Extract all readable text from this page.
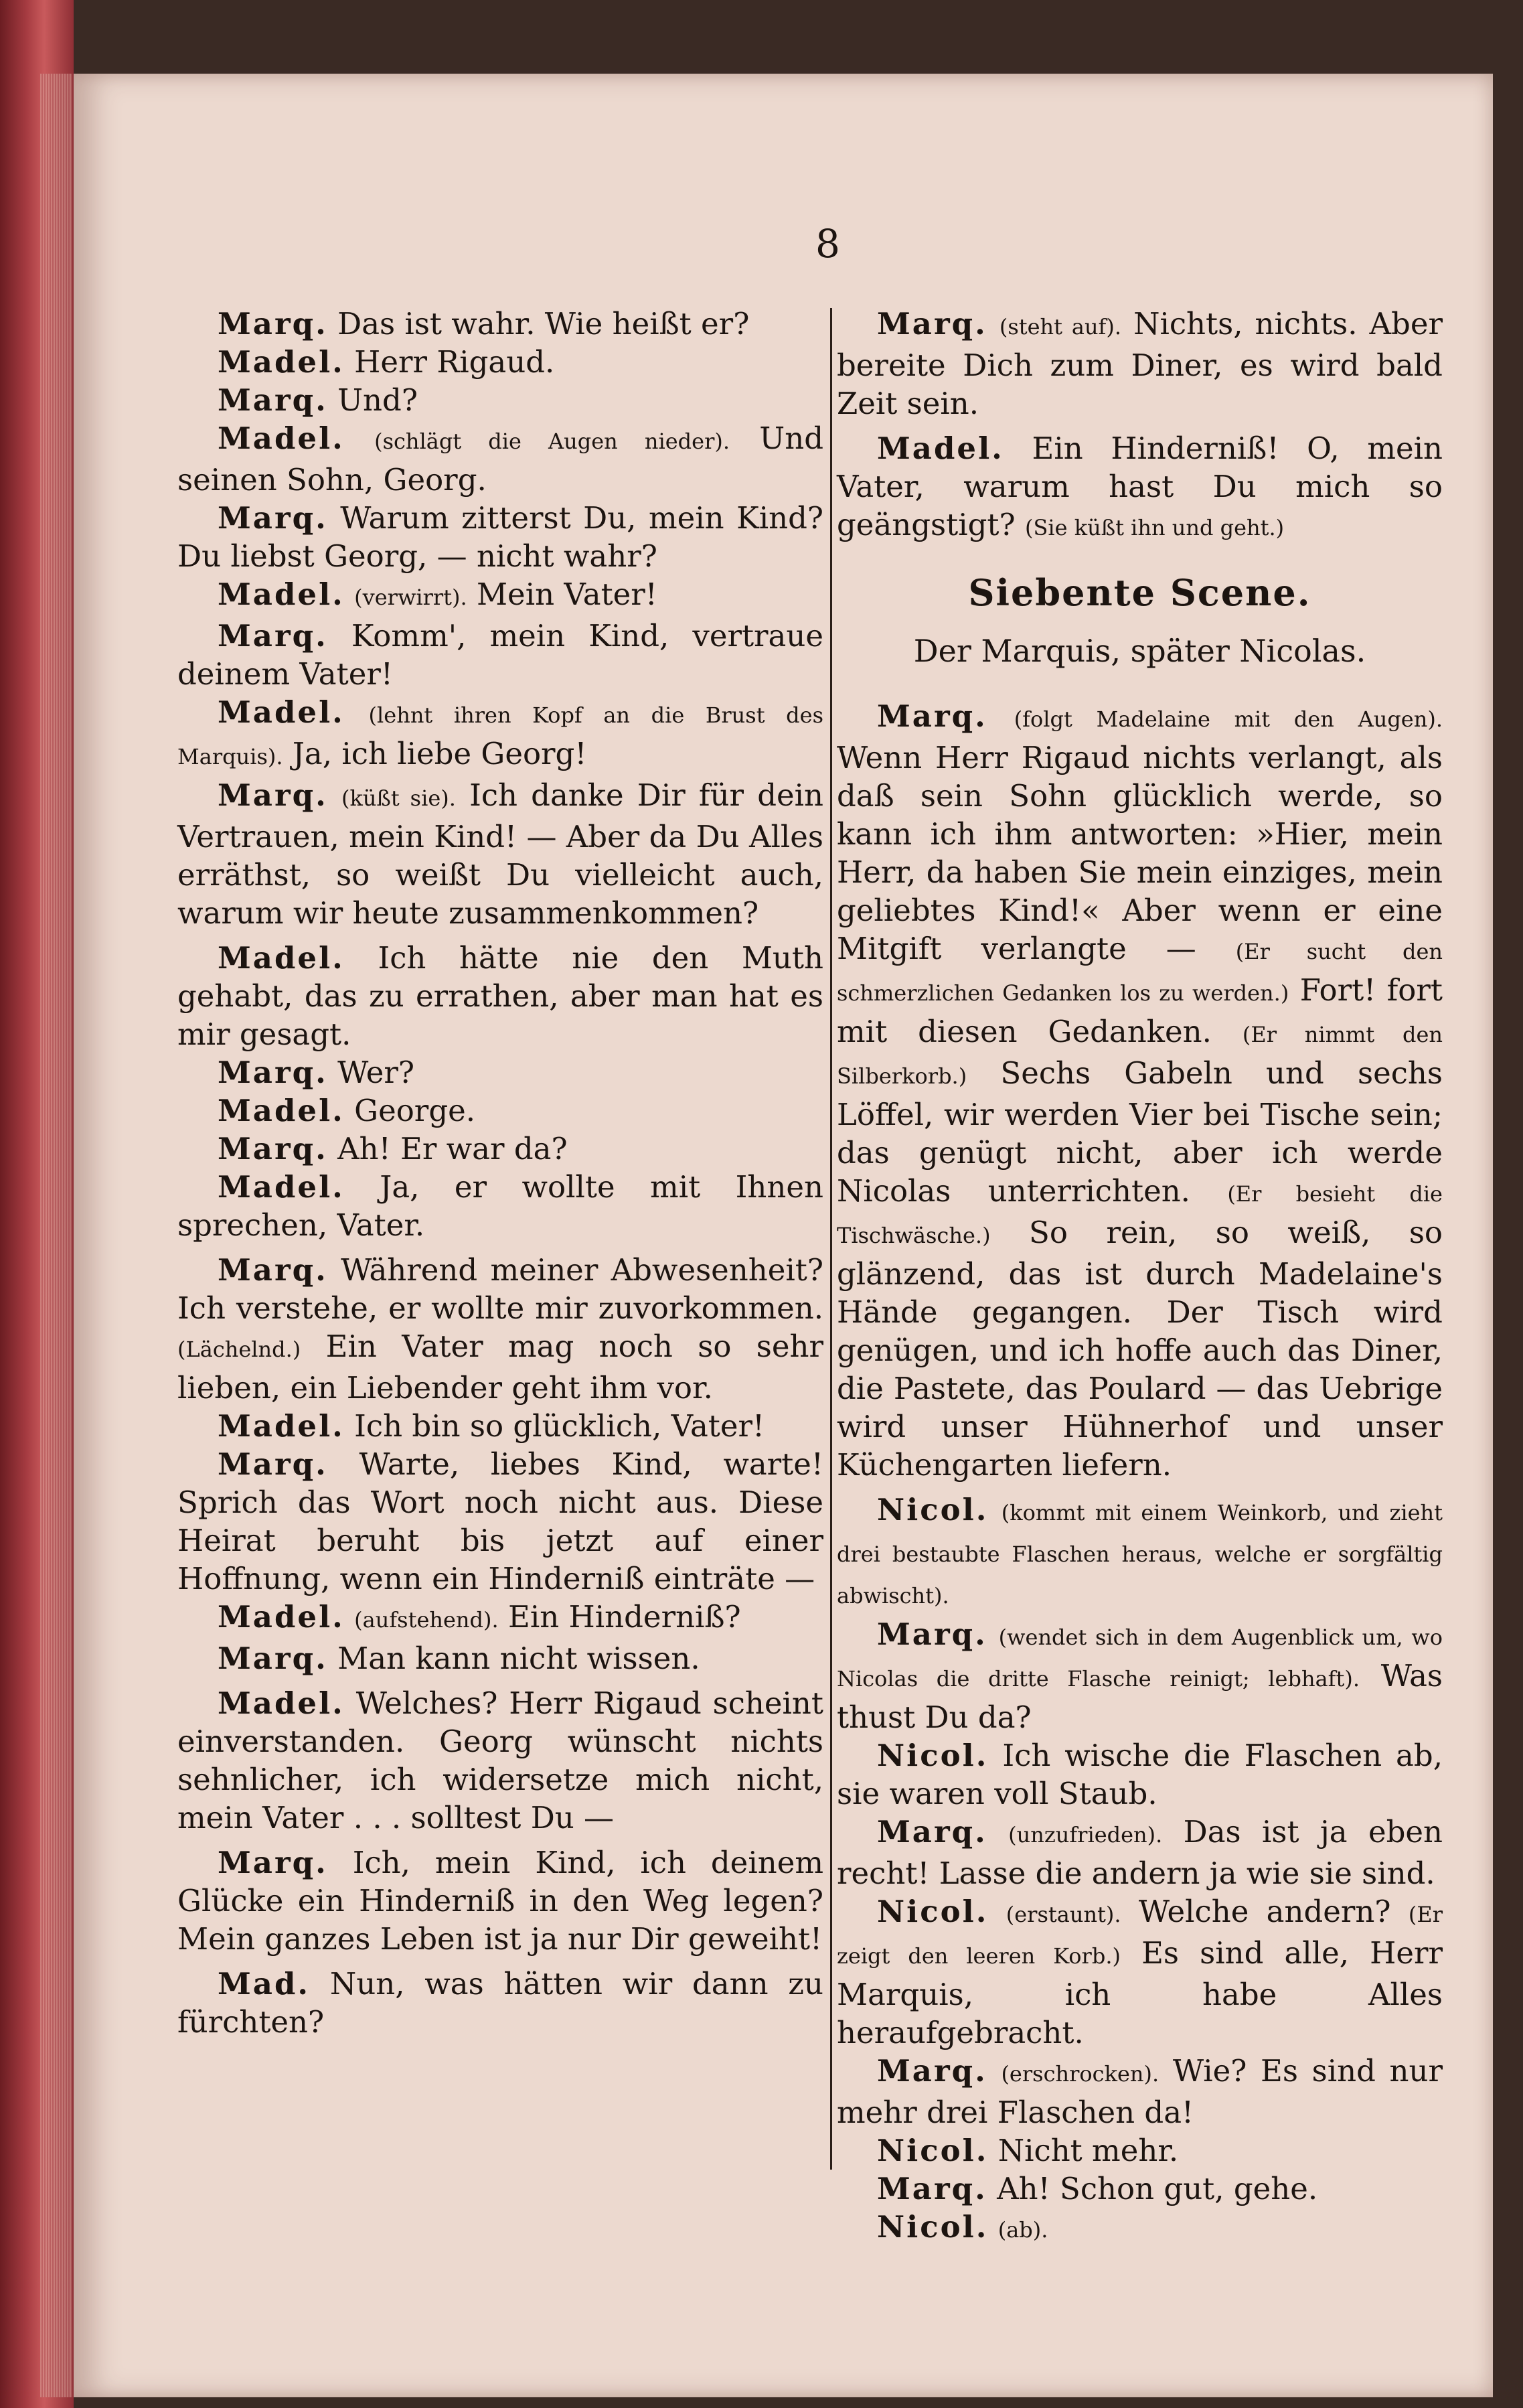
8

Marq. Das ist wahr. Wie heißt er?

Madel. Herr Rigaud.

Marq. Und?

Madel. (schlägt die Augen nieder). Und seinen Sohn, Georg.

Marq. Warum zitterst Du, mein Kind? Du liebst Georg, — nicht wahr?

Madel. (verwirrt). Mein Vater!

Marq. Komm', mein Kind, vertraue deinem Vater!

Madel. (lehnt ihren Kopf an die Brust des Marquis). Ja, ich liebe Georg!

Marq. (küßt sie). Ich danke Dir für dein Vertrauen, mein Kind! — Aber da Du Alles erräthst, so weißt Du vielleicht auch, warum wir heute zusammenkommen?

Madel. Ich hätte nie den Muth gehabt, das zu errathen, aber man hat es mir gesagt.

Marq. Wer?

Madel. George.

Marq. Ah! Er war da?

Madel. Ja, er wollte mit Ihnen sprechen, Vater.

Marq. Während meiner Abwesenheit? Ich verstehe, er wollte mir zuvorkommen. (Lächelnd.) Ein Vater mag noch so sehr lieben, ein Liebender geht ihm vor.

Madel. Ich bin so glücklich, Vater!

Marq. Warte, liebes Kind, warte! Sprich das Wort noch nicht aus. Diese Heirat beruht bis jetzt auf einer Hoffnung, wenn ein Hinderniß einträte —

Madel. (aufstehend). Ein Hinderniß?

Marq. Man kann nicht wissen.

Madel. Welches? Herr Rigaud scheint einverstanden. Georg wünscht nichts sehnlicher, ich widersetze mich nicht, mein Vater . . . solltest Du —

Marq. Ich, mein Kind, ich deinem Glücke ein Hinderniß in den Weg legen? Mein ganzes Leben ist ja nur Dir geweiht!

Mad. Nun, was hätten wir dann zu fürchten?

Marq. (steht auf). Nichts, nichts. Aber bereite Dich zum Diner, es wird bald Zeit sein.

Madel. Ein Hinderniß! O, mein Vater, warum hast Du mich so geängstigt? (Sie küßt ihn und geht.)

Siebente Scene.
Der Marquis, später Nicolas.

Marq. (folgt Madelaine mit den Augen). Wenn Herr Rigaud nichts verlangt, als daß sein Sohn glücklich werde, so kann ich ihm antworten: »Hier, mein Herr, da haben Sie mein einziges, mein geliebtes Kind!« Aber wenn er eine Mitgift verlangte — (Er sucht den schmerzlichen Gedanken los zu werden.) Fort! fort mit diesen Gedanken. (Er nimmt den Silberkorb.) Sechs Gabeln und sechs Löffel, wir werden Vier bei Tische sein; das genügt nicht, aber ich werde Nicolas unterrichten. (Er besieht die Tischwäsche.) So rein, so weiß, so glänzend, das ist durch Madelaine's Hände gegangen. Der Tisch wird genügen, und ich hoffe auch das Diner, die Pastete, das Poulard — das Uebrige wird unser Hühnerhof und unser Küchengarten liefern.

Nicol. (kommt mit einem Weinkorb, und zieht drei bestaubte Flaschen heraus, welche er sorgfältig abwischt).

Marq. (wendet sich in dem Augenblick um, wo Nicolas die dritte Flasche reinigt; lebhaft). Was thust Du da?

Nicol. Ich wische die Flaschen ab, sie waren voll Staub.

Marq. (unzufrieden). Das ist ja eben recht! Lasse die andern ja wie sie sind.

Nicol. (erstaunt). Welche andern? (Er zeigt den leeren Korb.) Es sind alle, Herr Marquis, ich habe Alles heraufgebracht.

Marq. (erschrocken). Wie? Es sind nur mehr drei Flaschen da!

Nicol. Nicht mehr.

Marq. Ah! Schon gut, gehe.

Nicol. (ab).
